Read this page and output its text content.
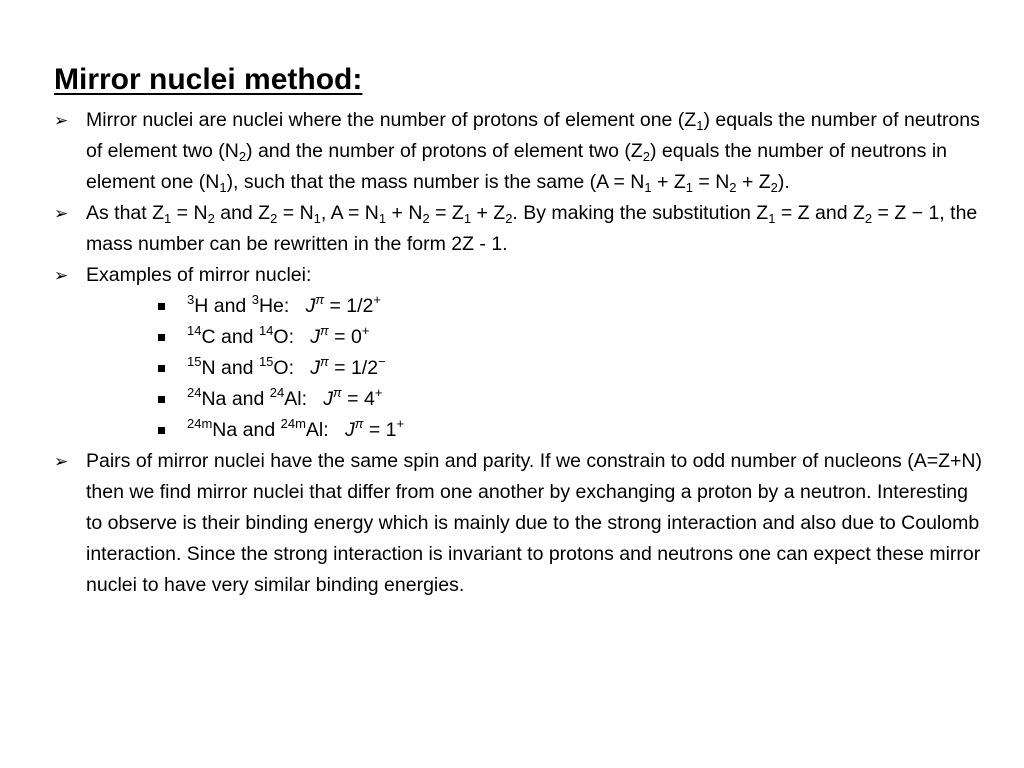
Mirror nuclei method:
➢ Mirror nuclei are nuclei where the number of protons of element one $(Z_1)$ equals the number of neutrons of element two $(N_2)$ and the number of protons of element two $(Z_2)$ equals the number of neutrons in element one $(N_1)$, such that the mass number is the same $(A = N_1 + Z_1 = N_2 + Z_2)$.
➢ As that $Z_1 = N_2$ and $Z_2 = N_1$, $A = N_1 + N_2 = Z_1 + Z_2$. By making the substitution $Z_1 = Z$ and $Z_2 = Z - 1$, the mass number can be rewritten in the form 2Z - 1.
➢ Examples of mirror nuclei:
$^3$H and $^3$He: $J^\pi = 1/2^+$
$^{14}$C and $^{14}$O: $J^\pi = 0^+$
$^{15}$N and $^{15}$O: $J^\pi = 1/2^-$
$^{24}$Na and $^{24}$Al: $J^\pi = 4^+$
$^{24m}$Na and $^{24m}$Al: $J^\pi = 1^+$
➢ Pairs of mirror nuclei have the same spin and parity. If we constrain to odd number of nucleons (A=Z+N) then we find mirror nuclei that differ from one another by exchanging a proton by a neutron. Interesting to observe is their binding energy which is mainly due to the strong interaction and also due to Coulomb interaction. Since the strong interaction is invariant to protons and neutrons one can expect these mirror nuclei to have very similar binding energies.
